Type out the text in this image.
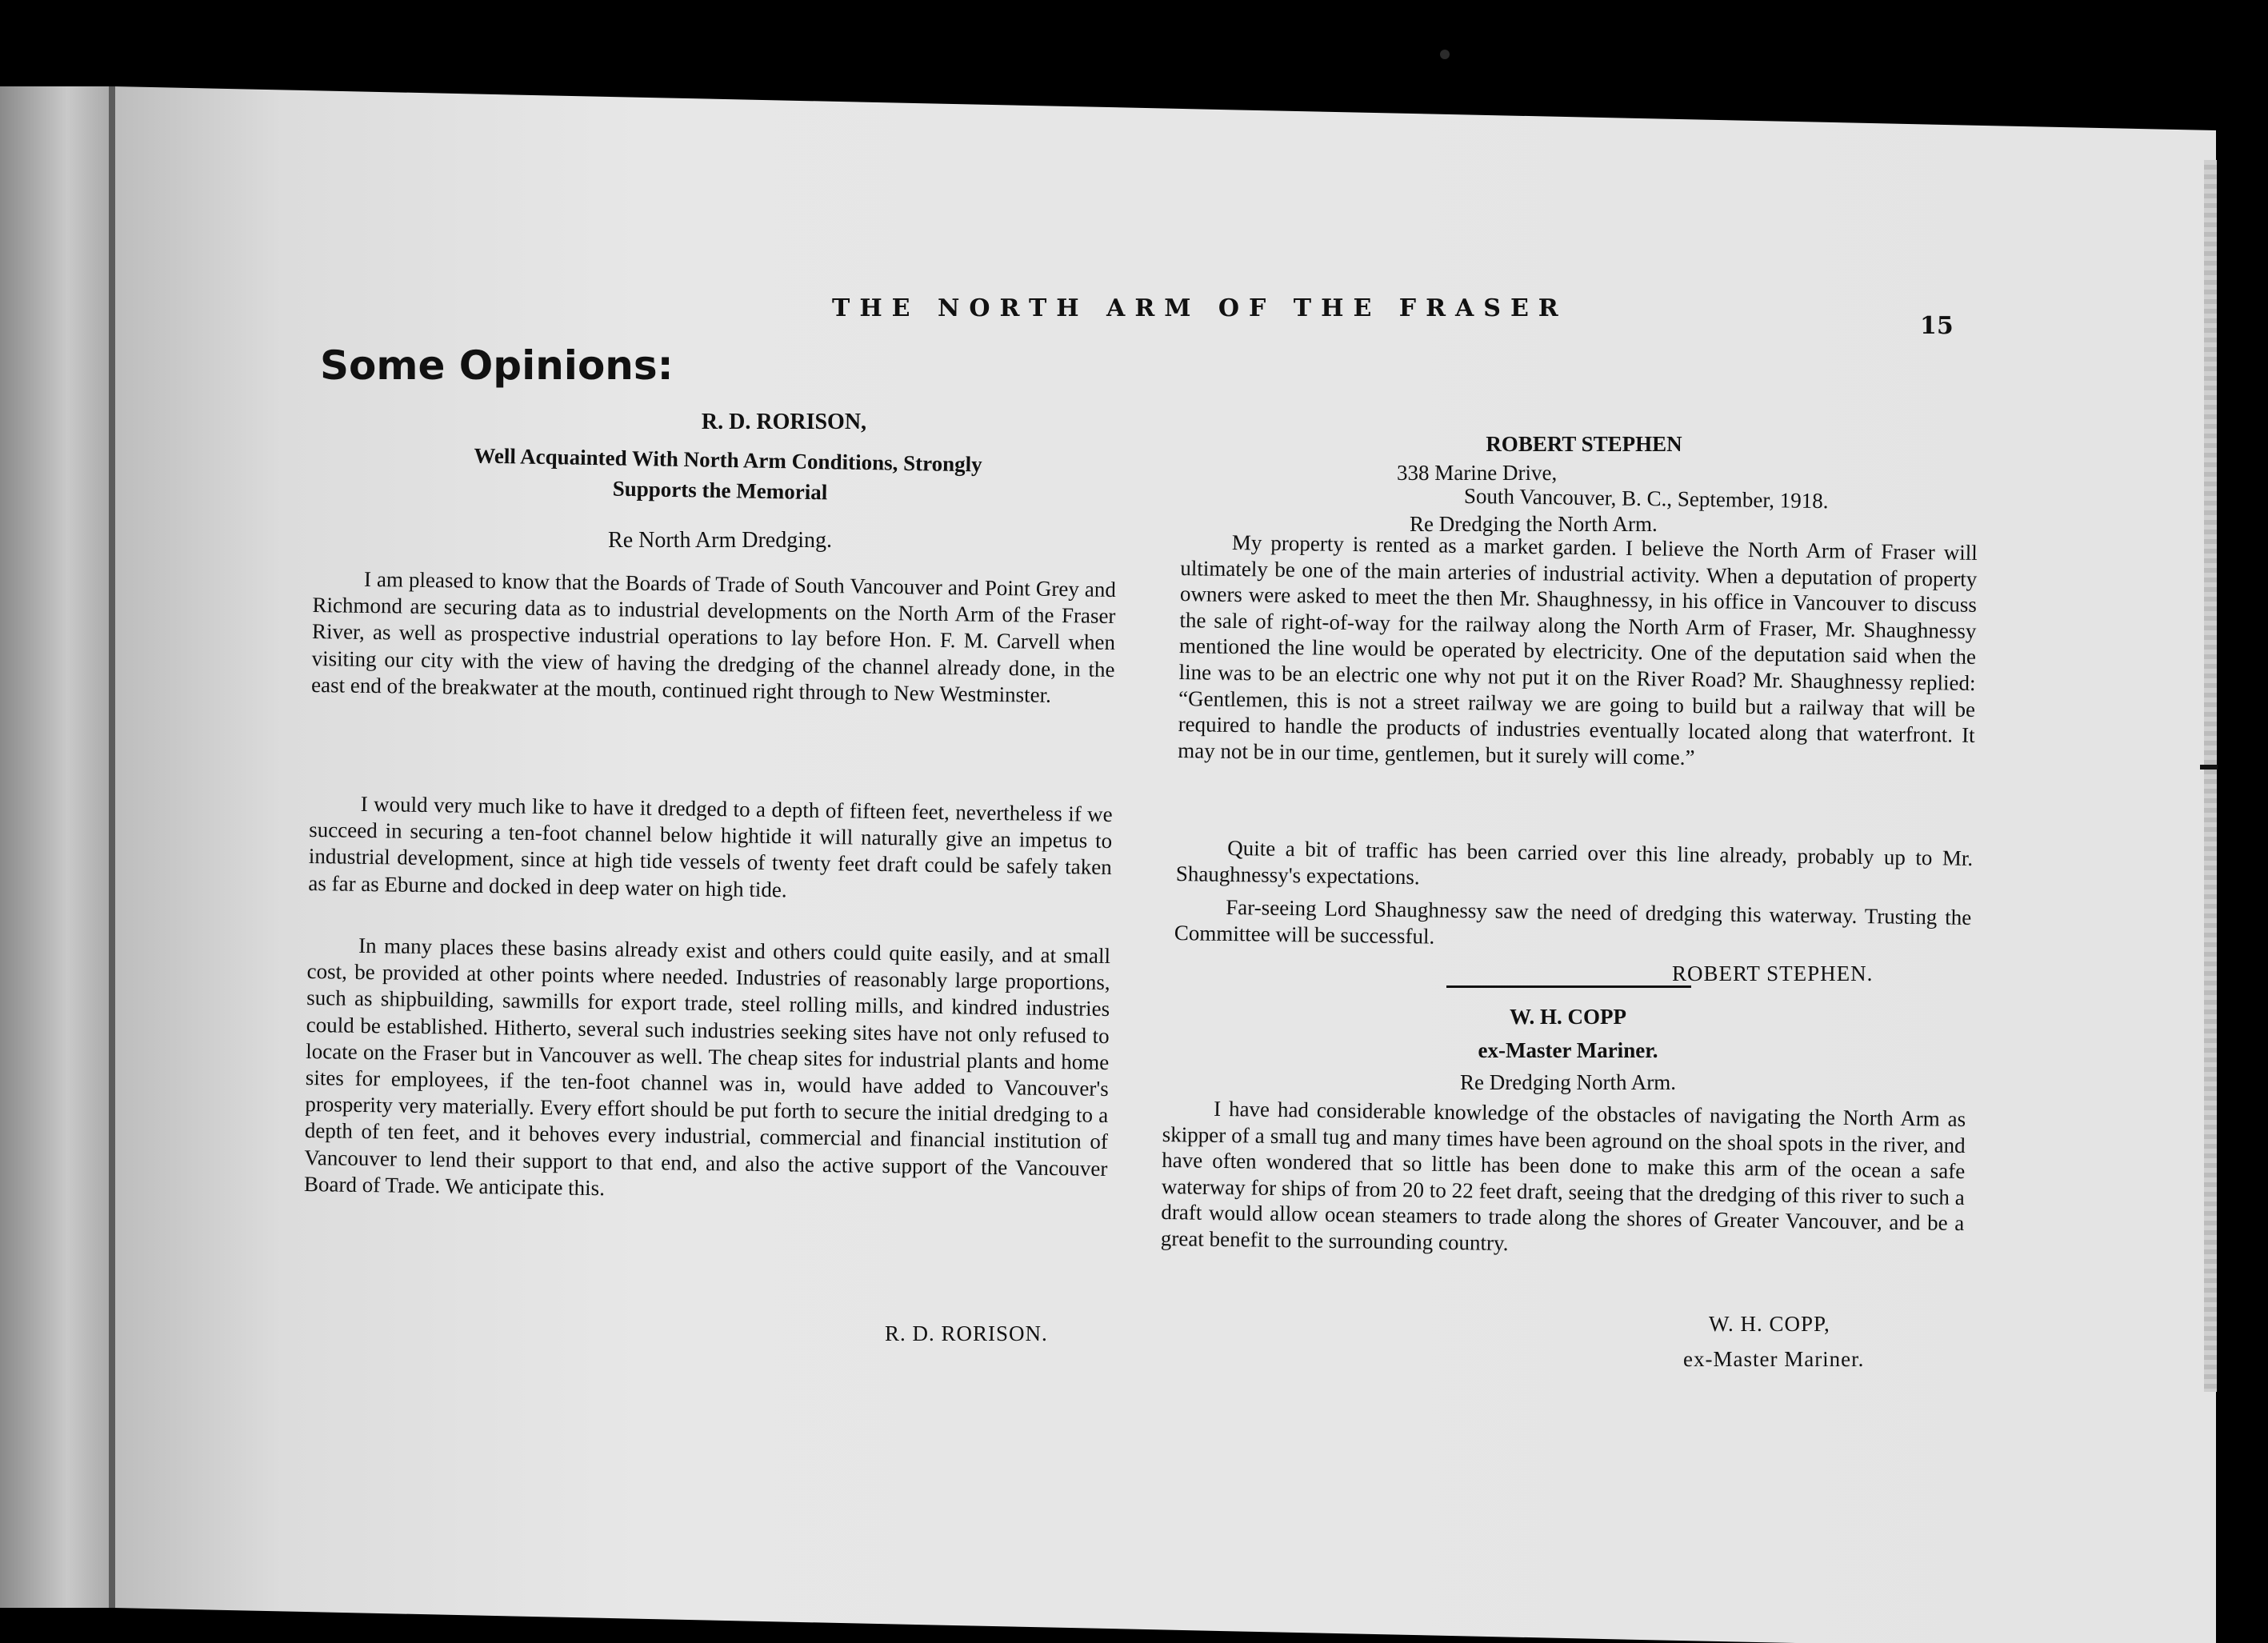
THE NORTH ARM OF THE FRASER
15
Some Opinions:
R. D. RORISON,
Well Acquainted With North Arm Conditions, Strongly
Supports the Memorial
Re North Arm Dredging.
I am pleased to know that the Boards of Trade of South Vancouver and Point Grey and Richmond are securing data as to industrial developments on the North Arm of the Fraser River, as well as prospective industrial operations to lay before Hon. F. M. Carvell when visiting our city with the view of having the dredging of the channel already done, in the east end of the breakwater at the mouth, continued right through to New Westminster.
I would very much like to have it dredged to a depth of fifteen feet, nevertheless if we succeed in securing a ten-foot channel below hightide it will naturally give an impetus to industrial development, since at high tide vessels of twenty feet draft could be safely taken as far as Eburne and docked in deep water on high tide.
In many places these basins already exist and others could quite easily, and at small cost, be provided at other points where needed. Industries of reasonably large proportions, such as shipbuilding, sawmills for export trade, steel rolling mills, and kindred industries could be established. Hitherto, several such industries seeking sites have not only refused to locate on the Fraser but in Vancouver as well. The cheap sites for industrial plants and home sites for employees, if the ten-foot channel was in, would have added to Vancouver's prosperity very materially. Every effort should be put forth to secure the initial dredging to a depth of ten feet, and it behoves every industrial, commercial and financial institution of Vancouver to lend their support to that end, and also the active support of the Vancouver Board of Trade. We anticipate this.
R. D. RORISON.
ROBERT STEPHEN
338 Marine Drive,
South Vancouver, B. C., September, 1918.
Re Dredging the North Arm.
My property is rented as a market garden. I believe the North Arm of Fraser will ultimately be one of the main arteries of industrial activity. When a deputation of property owners were asked to meet the then Mr. Shaughnessy, in his office in Vancouver to discuss the sale of right-of-way for the railway along the North Arm of Fraser, Mr. Shaughnessy mentioned the line would be operated by electricity. One of the deputation said when the line was to be an electric one why not put it on the River Road? Mr. Shaughnessy replied: “Gentlemen, this is not a street railway we are going to build but a railway that will be required to handle the products of industries eventually located along that waterfront. It may not be in our time, gentlemen, but it surely will come.”
Quite a bit of traffic has been carried over this line already, probably up to Mr. Shaughnessy's expectations.
Far-seeing Lord Shaughnessy saw the need of dredging this waterway. Trusting the Committee will be successful.
ROBERT STEPHEN.
W. H. COPP
ex-Master Mariner.
Re Dredging North Arm.
I have had considerable knowledge of the obstacles of navigating the North Arm as skipper of a small tug and many times have been aground on the shoal spots in the river, and have often wondered that so little has been done to make this arm of the ocean a safe waterway for ships of from 20 to 22 feet draft, seeing that the dredging of this river to such a draft would allow ocean steamers to trade along the shores of Greater Vancouver, and be a great benefit to the surrounding country.
W. H. COPP,
ex-Master Mariner.
